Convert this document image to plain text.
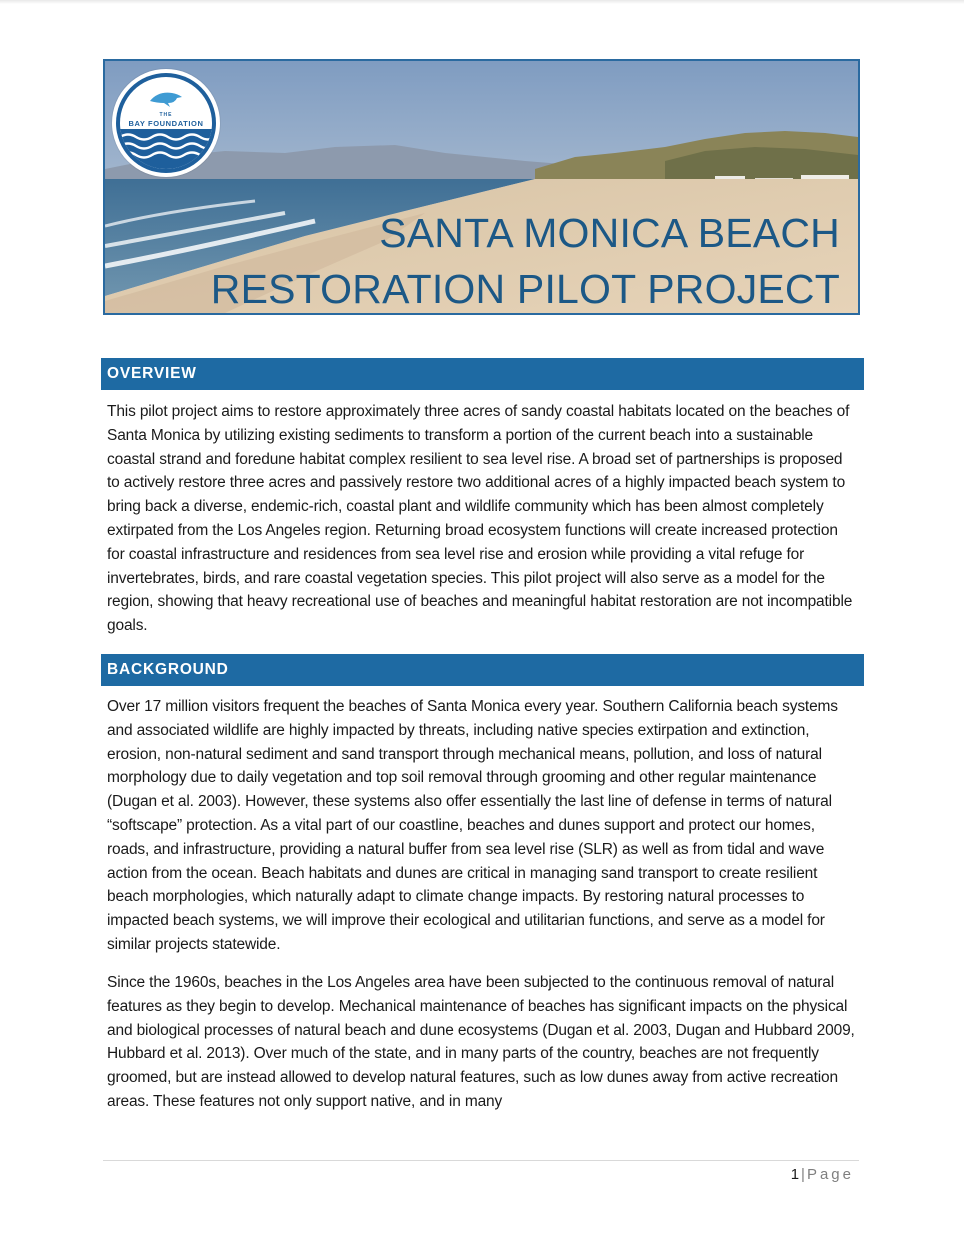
THE
BAY FOUNDATION
SANTA MONICA BEACH
RESTORATION PILOT PROJECT
OVERVIEW

This pilot project aims to restore approximately three acres of sandy coastal habitats located on the beaches of Santa Monica by utilizing existing sediments to transform a portion of the current beach into a sustainable coastal strand and foredune habitat complex resilient to sea level rise. A broad set of partnerships is proposed to actively restore three acres and passively restore two additional acres of a highly impacted beach system to bring back a diverse, endemic-rich, coastal plant and wildlife community which has been almost completely extirpated from the Los Angeles region. Returning broad ecosystem functions will create increased protection for coastal infrastructure and residences from sea level rise and erosion while providing a vital refuge for invertebrates, birds, and rare coastal vegetation species. This pilot project will also serve as a model for the region, showing that heavy recreational use of beaches and meaningful habitat restoration are not incompatible goals.

BACKGROUND

Over 17 million visitors frequent the beaches of Santa Monica every year. Southern California beach systems and associated wildlife are highly impacted by threats, including native species extirpation and extinction, erosion, non-natural sediment and sand transport through mechanical means, pollution, and loss of natural morphology due to daily vegetation and top soil removal through grooming and other regular maintenance (Dugan et al. 2003). However, these systems also offer essentially the last line of defense in terms of natural “softscape” protection. As a vital part of our coastline, beaches and dunes support and protect our homes, roads, and infrastructure, providing a natural buffer from sea level rise (SLR) as well as from tidal and wave action from the ocean. Beach habitats and dunes are critical in managing sand transport to create resilient beach morphologies, which naturally adapt to climate change impacts. By restoring natural processes to impacted beach systems, we will improve their ecological and utilitarian functions, and serve as a model for similar projects statewide.

Since the 1960s, beaches in the Los Angeles area have been subjected to the continuous removal of natural features as they begin to develop. Mechanical maintenance of beaches has significant impacts on the physical and biological processes of natural beach and dune ecosystems (Dugan et al. 2003, Dugan and Hubbard 2009, Hubbard et al. 2013). Over much of the state, and in many parts of the country, beaches are not frequently groomed, but are instead allowed to develop natural features, such as low dunes away from active recreation areas. These features not only support native, and in many

1 | Page
